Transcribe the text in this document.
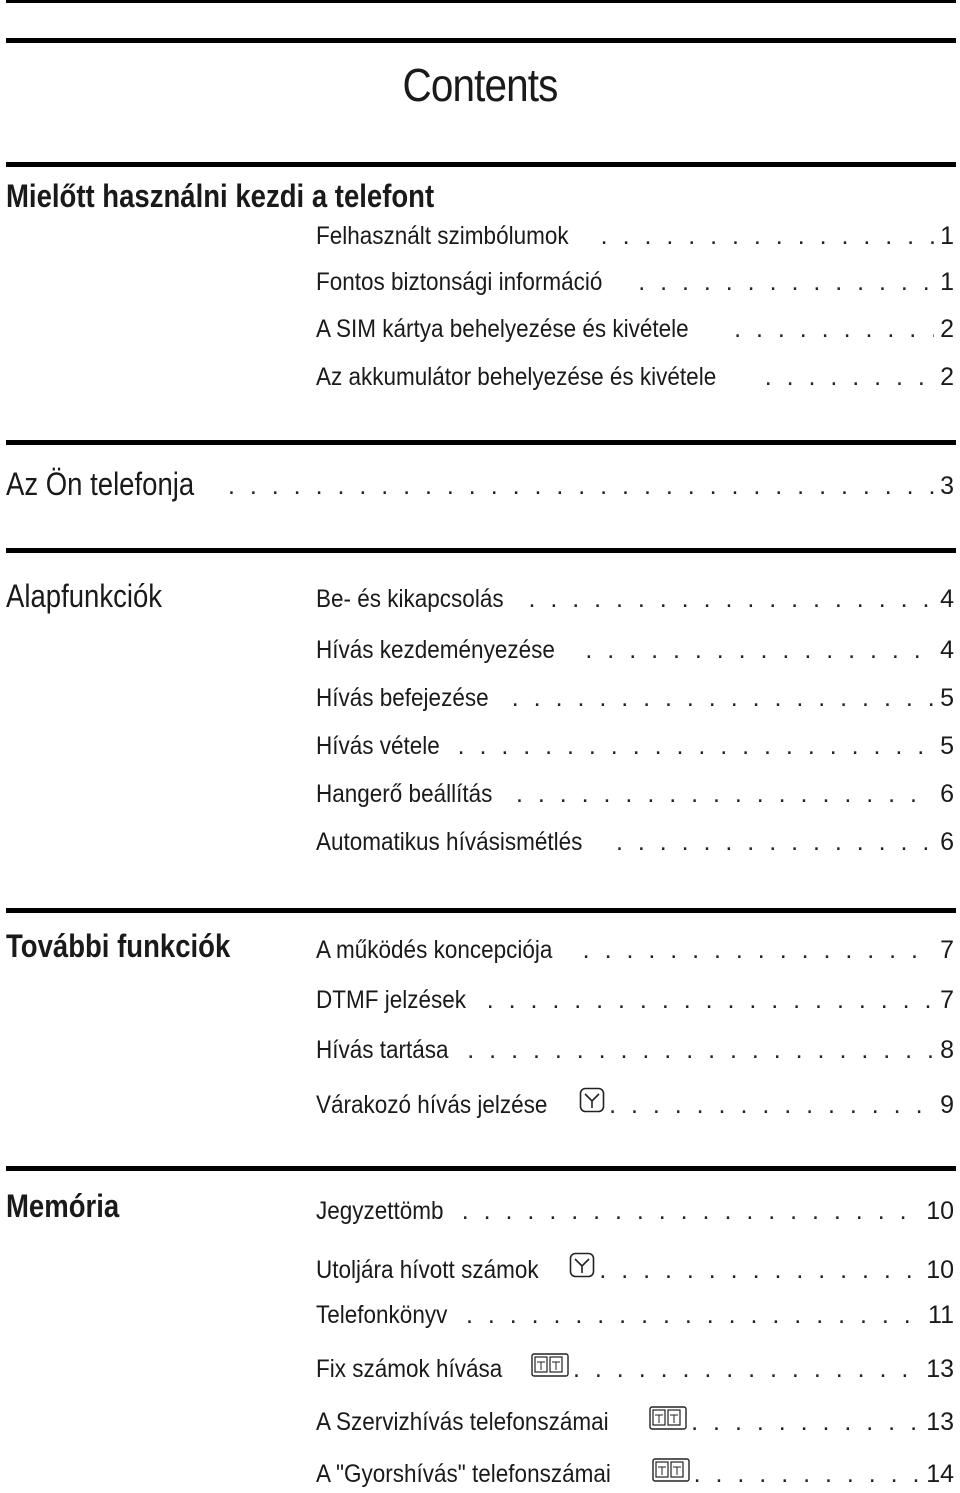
Contents
Mielőtt használni kezdi a telefont
Felhasznált szimbólumok . . .	1
Fontos biztonsági információ . . .	1
A SIM kártya behelyezése és kivétele . . .	2
Az akkumulátor behelyezése és kivétele . . .	2
Az Ön telefonja . . .	3
Alapfunkciók	Be- és kikapcsolás . . .	4
Hívás kezdeményezése . . .	4
Hívás befejezése . . .	5
Hívás vétele . . .	5
Hangerő beállítás . . .	6
Automatikus hívásismétlés . . .	6
További funkciók	A működés koncepciója . . .	7
DTMF jelzések . . .	7
Hívás tartása . . .	8
Várakozó hívás jelzése . . .	9
Memória	Jegyzettömb . . .	10
Utoljára hívott számok . . .	10
Telefonkönyv . . .	11
Fix számok hívása . . .	13
A Szervizhívás telefonszámai . . .	13
A "Gyorshívás" telefonszámai . . .	14
